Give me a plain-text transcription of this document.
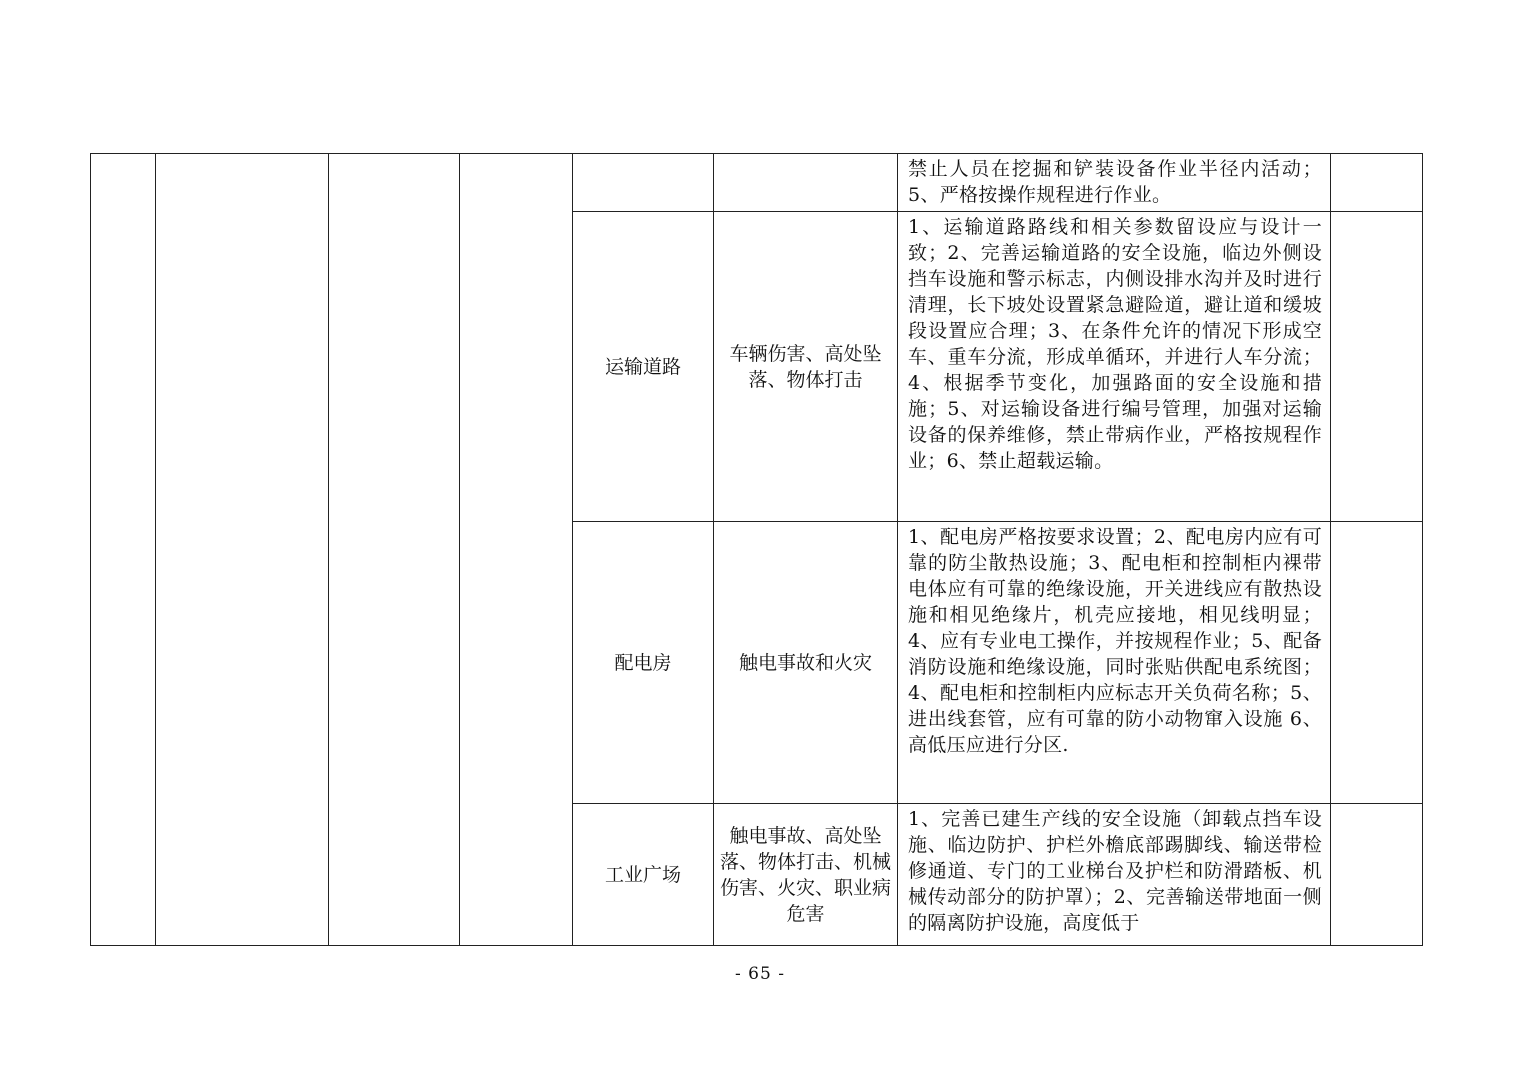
						禁止人员在挖掘和铲装设备作业半径内活动；5、严格按操作规程进行作业。	
				运输道路	车辆伤害、高处坠落、物体打击	1、运输道路路线和相关参数留设应与设计一致；2、完善运输道路的安全设施，临边外侧设挡车设施和警示标志，内侧设排水沟并及时进行清理，长下坡处设置紧急避险道，避让道和缓坡段设置应合理；3、在条件允许的情况下形成空车、重车分流，形成单循环，并进行人车分流； 4、根据季节变化，加强路面的安全设施和措施；5、对运输设备进行编号管理，加强对运输设备的保养维修，禁止带病作业，严格按规程作业；6、禁止超载运输。	
				配电房	触电事故和火灾	1、配电房严格按要求设置；2、配电房内应有可靠的防尘散热设施；3、配电柜和控制柜内裸带电体应有可靠的绝缘设施，开关进线应有散热设施和相见绝缘片，机壳应接地，相见线明显；4、应有专业电工操作，并按规程作业；5、配备消防设施和绝缘设施，同时张贴供配电系统图；4、配电柜和控制柜内应标志开关负荷名称；5、进出线套管，应有可靠的防小动物窜入设施 6、高低压应进行分区.	
				工业广场	触电事故、高处坠落、物体打击、机械伤害、火灾、职业病危害	1、完善已建生产线的安全设施（卸载点挡车设施、临边防护、护栏外檐底部踢脚线、输送带检修通道、专门的工业梯台及护栏和防滑踏板、机械传动部分的防护罩）；2、完善输送带地面一侧的隔离防护设施，高度低于	
- 65 -
